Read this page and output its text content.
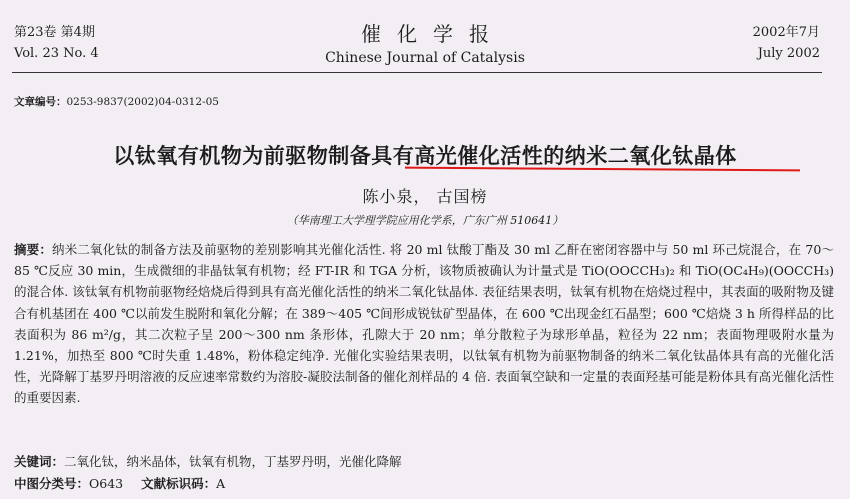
第23卷 第4期
Vol. 23 No. 4
催化学报
Chinese Journal of Catalysis
2002年7月
July 2002
文章编号：0253-9837(2002)04-0312-05
以钛氧有机物为前驱物制备具有高光催化活性的纳米二氧化钛晶体
陈小泉， 古国榜
（华南理工大学理学院应用化学系，广东广州 510641）
摘要：纳米二氧化钛的制备方法及前驱物的差别影响其光催化活性. 将 20 ml 钛酸丁酯及 30 ml 乙酐在密闭容器中与 50 ml 环己烷混合，在 70～85 ℃反应 30 min，生成微细的非晶钛氧有机物；经 FT-IR 和 TGA 分析，该物质被确认为计量式是 TiO(OOCCH₃)₂ 和 TiO(OC₄H₉)(OOCCH₃) 的混合体. 该钛氧有机物前驱物经焙烧后得到具有高光催化活性的纳米二氧化钛晶体. 表征结果表明，钛氧有机物在焙烧过程中，其表面的吸附物及键合有机基团在 400 ℃以前发生脱附和氧化分解；在 389～405 ℃间形成锐钛矿型晶体，在 600 ℃出现金红石晶型；600 ℃焙烧 3 h 所得样品的比表面积为 86 m²/g，其二次粒子呈 200～300 nm 条形体，孔隙大于 20 nm；单分散粒子为球形单晶，粒径为 22 nm；表面物理吸附水量为 1.21%，加热至 800 ℃时失重 1.48%，粉体稳定纯净. 光催化实验结果表明，以钛氧有机物为前驱物制备的纳米二氧化钛晶体具有高的光催化活性，光降解丁基罗丹明溶液的反应速率常数约为溶胶-凝胶法制备的催化剂样品的 4 倍. 表面氧空缺和一定量的表面羟基可能是粉体具有高光催化活性的重要因素.
关键词：二氧化钛，纳米晶体，钛氧有机物，丁基罗丹明，光催化降解
中图分类号：O643 文献标识码：A
